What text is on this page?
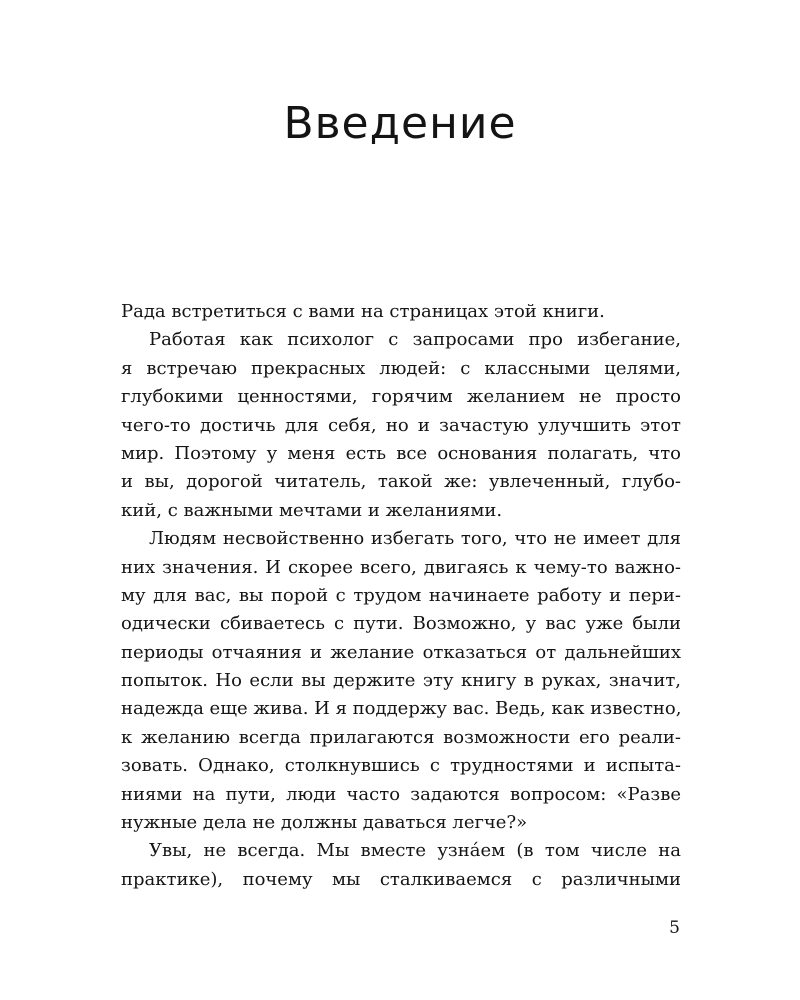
Введение
Рада встретиться с вами на страницах этой книги.
Работая как психолог с запросами про избегание,
я встречаю прекрасных людей: с классными целями,
глубокими ценностями, горячим желанием не просто
чего-то достичь для себя, но и зачастую улучшить этот
мир. Поэтому у меня есть все основания полагать, что
и вы, дорогой читатель, такой же: увлеченный, глубо-
кий, с важными мечтами и желаниями.
Людям несвойственно избегать того, что не имеет для
них значения. И скорее всего, двигаясь к чему-то важно-
му для вас, вы порой с трудом начинаете работу и пери-
одически сбиваетесь с пути. Возможно, у вас уже были
периоды отчаяния и желание отказаться от дальнейших
попыток. Но если вы держите эту книгу в руках, значит,
надежда еще жива. И я поддержу вас. Ведь, как известно,
к желанию всегда прилагаются возможности его реали-
зовать. Однако, столкнувшись с трудностями и испыта-
ниями на пути, люди часто задаются вопросом: «Разве
нужные дела не должны даваться легче?»
Увы, не всегда. Мы вместе узна́ем (в том числе на
практике), почему мы сталкиваемся с различными
5
